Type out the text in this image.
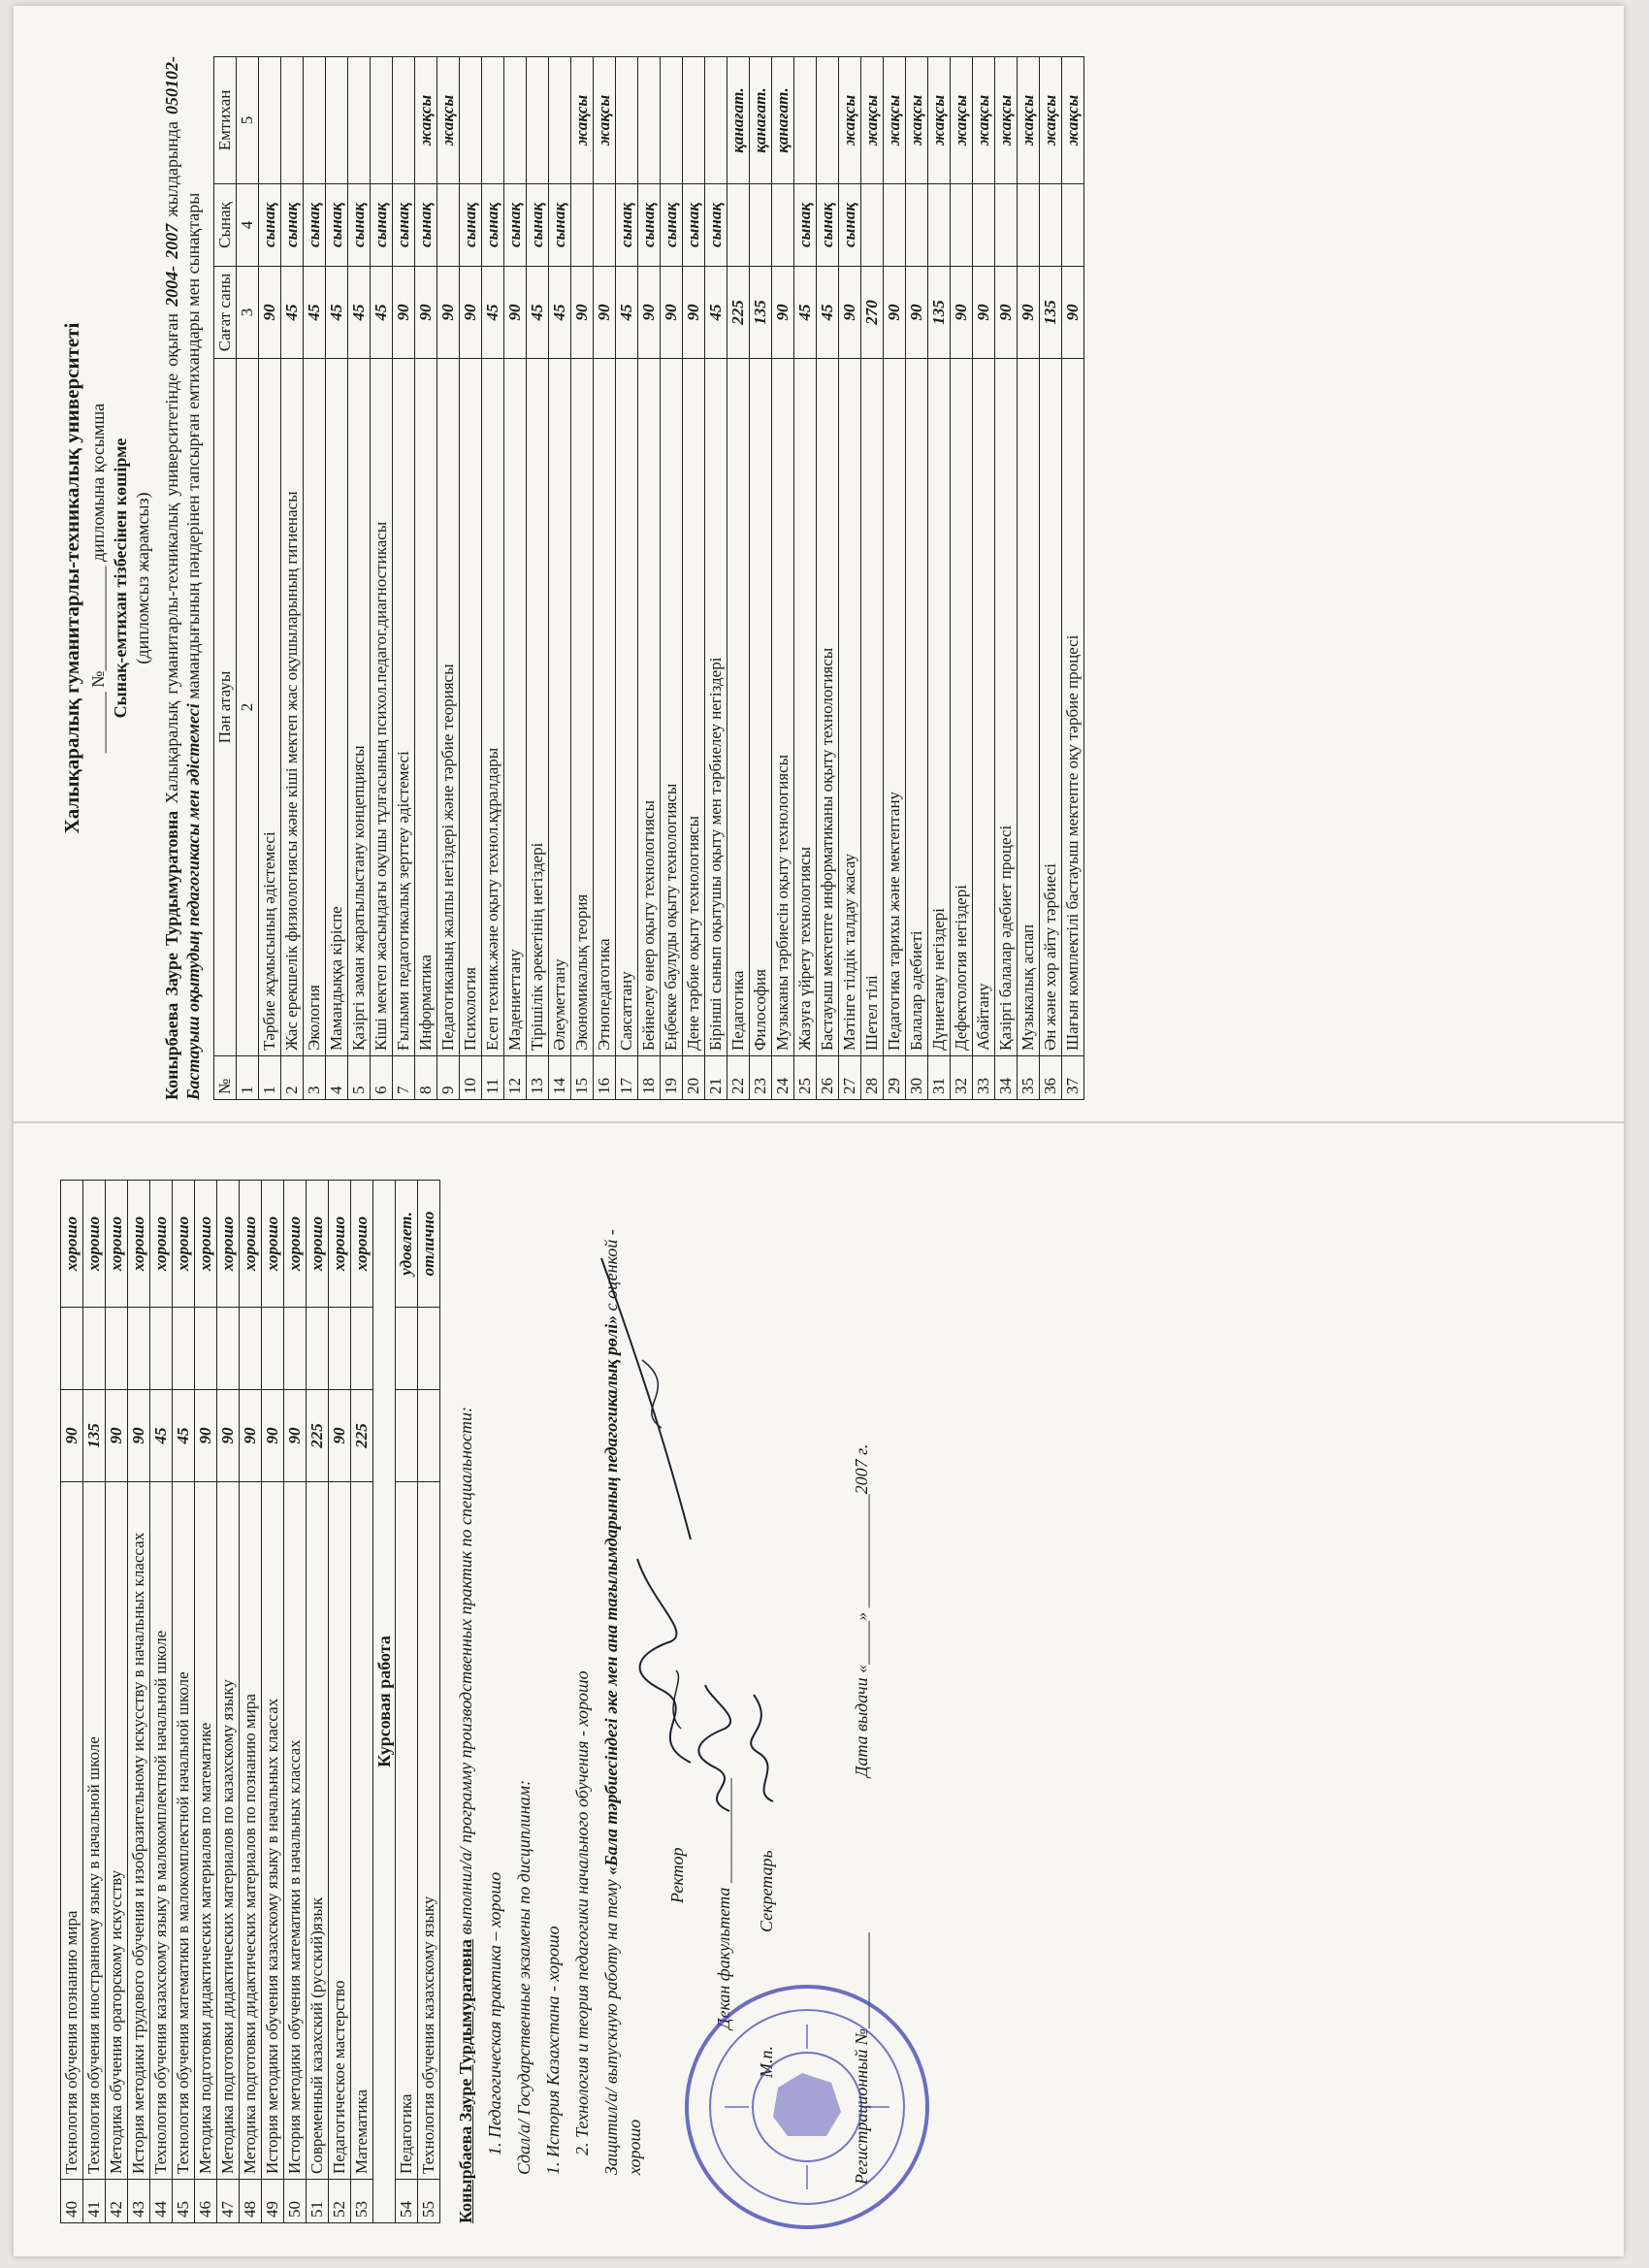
Халықаралық гуманитарлы-техникалық университеті _______ №____________ дипломына қосымша Сынақ-емтихан тізбесінен көшірме (дипломсыз жарамсыз)
Конырбаева Зауре Турдымуратовна Халықаралық гуманитарлы-техникалық университетінде оқыған 2004- 2007 жылдарында 050102-Бастауыш оқытудың педагогикасы мен әдістемесі мамандығының пәндерінен тапсырған емтихандары мен сынақтары
№	Пән атауы	Сағат саны	Сынақ	Емтихан
1	2	3	4	5
1	Тәрбие жұмысының әдістемесі	90	сынақ	
2	Жас ерекшелік физиологиясы және кіші мектеп жас оқушыларының гигиенасы	45	сынақ	
3	Экология	45	сынақ	
4	Мамандыққа кіріспе	45	сынақ	
5	Қазіргі заман жаратылыстану концепциясы	45	сынақ	
6	Кіші мектеп жасындағы оқушы тұлғасының психол.педагог.диагностикасы	45	сынақ	
7	Ғылыми педагогикалық зерттеу әдістемесі	90	сынақ	
8	Информатика	90	сынақ	жақсы
9	Педагогиканың жалпы негіздері және тәрбие теориясы	90		жақсы
10	Психология	90	сынақ	
11	Есеп техник.және оқыту технол.құралдары	45	сынақ	
12	Мәдениеттану	90	сынақ	
13	Тірішілік әрекетінің негіздері	45	сынақ	
14	Әлеуметтану	45	сынақ	
15	Экономикалық теория	90		жақсы
16	Этнопедагогика	90		жақсы
17	Саясаттану	45	сынақ	
18	Бейнелеу өнер оқыту технологиясы	90	сынақ	
19	Еңбекке баулуды оқыту технологиясы	90	сынақ	
20	Дене тәрбие оқыту технологиясы	90	сынақ	
21	Бірінші сынып оқытушы оқыту мен тәрбиелеу негіздері	45	сынақ	
22	Педагогика	225		қанағат.
23	Философия	135		қанағат.
24	Музыканы тәрбиесін оқыту технологиясы	90		қанағат.
25	Жазуға үйрету технологиясы	45	сынақ	
26	Бастауыш мектепте информатиканы оқыту технологиясы	45	сынақ	
27	Мәтінге тілдік талдау жасау	90	сынақ	жақсы
28	Шетел тілі	270		жақсы
29	Педагогика тарихы және мектептану	90		жақсы
30	Балалар әдебиеті	90		жақсы
31	Дүниетану негіздері	135		жақсы
32	Дефектология негіздері	90		жақсы
33	Абайтану	90		жақсы
34	Қазіргі балалар әдебиет процесі	90		жақсы
35	Музыкалық аспап	90		жақсы
36	Ән және хор айту тәрбиесі	135		жақсы
37	Шағын комплектілі бастауыш мектепте оқу тәрбие процесі	90		жақсы
40	Технология обучения познанию мира	90		хорошо
41	Технология обучения иностранному языку в начальной школе	135		хорошо
42	Методика обучения ораторскому искусству	90		хорошо
43	История методики трудового обучения и изобразительному искусству в начальных классах	90		хорошо
44	Технология обучения казахскому языку в малокомплектной начальной школе	45		хорошо
45	Технология обучения математики в малокомплектной начальной школе	45		хорошо
46	Методика подготовки дидактических материалов по математике	90		хорошо
47	Методика подготовки дидактических материалов по казахскому языку	90		хорошо
48	Методика подготовки дидактических материалов по познанию мира	90		хорошо
49	История методики обучения казахскому языку в начальных классах	90		хорошо
50	История методики обучения математики в начальных классах	90		хорошо
51	Современный казахский (русский)язык	225		хорошо
52	Педагогическое мастерство	90		хорошо
53	Математика	225		хорошо
Курсовая работа				
54	Педагогика			удовлет.
55	Технология обучения казахскому языку			отлично
Конырбаева Зауре Турдымуратовна выполнил/а/ программу производственных практик по специальности:
1. Педагогическая практика – хорошо Сдал/а/ Государственные экзамены по дисциплинам: 1. История Казахстана - хорошо 2. Технология и теория педагогики начального обучения - хорошо Защитил/а/ выпускную работу на тему «Бала тәрбиесіндегі әке мен ана тағылымдарының педагогикалық рөлі» с оценкой - хорошо
Ректор Декан факультета ____________
М.п.
Секретарь
Регистрационный №___________
Дата выдачи «_____» _____________2007 г.
